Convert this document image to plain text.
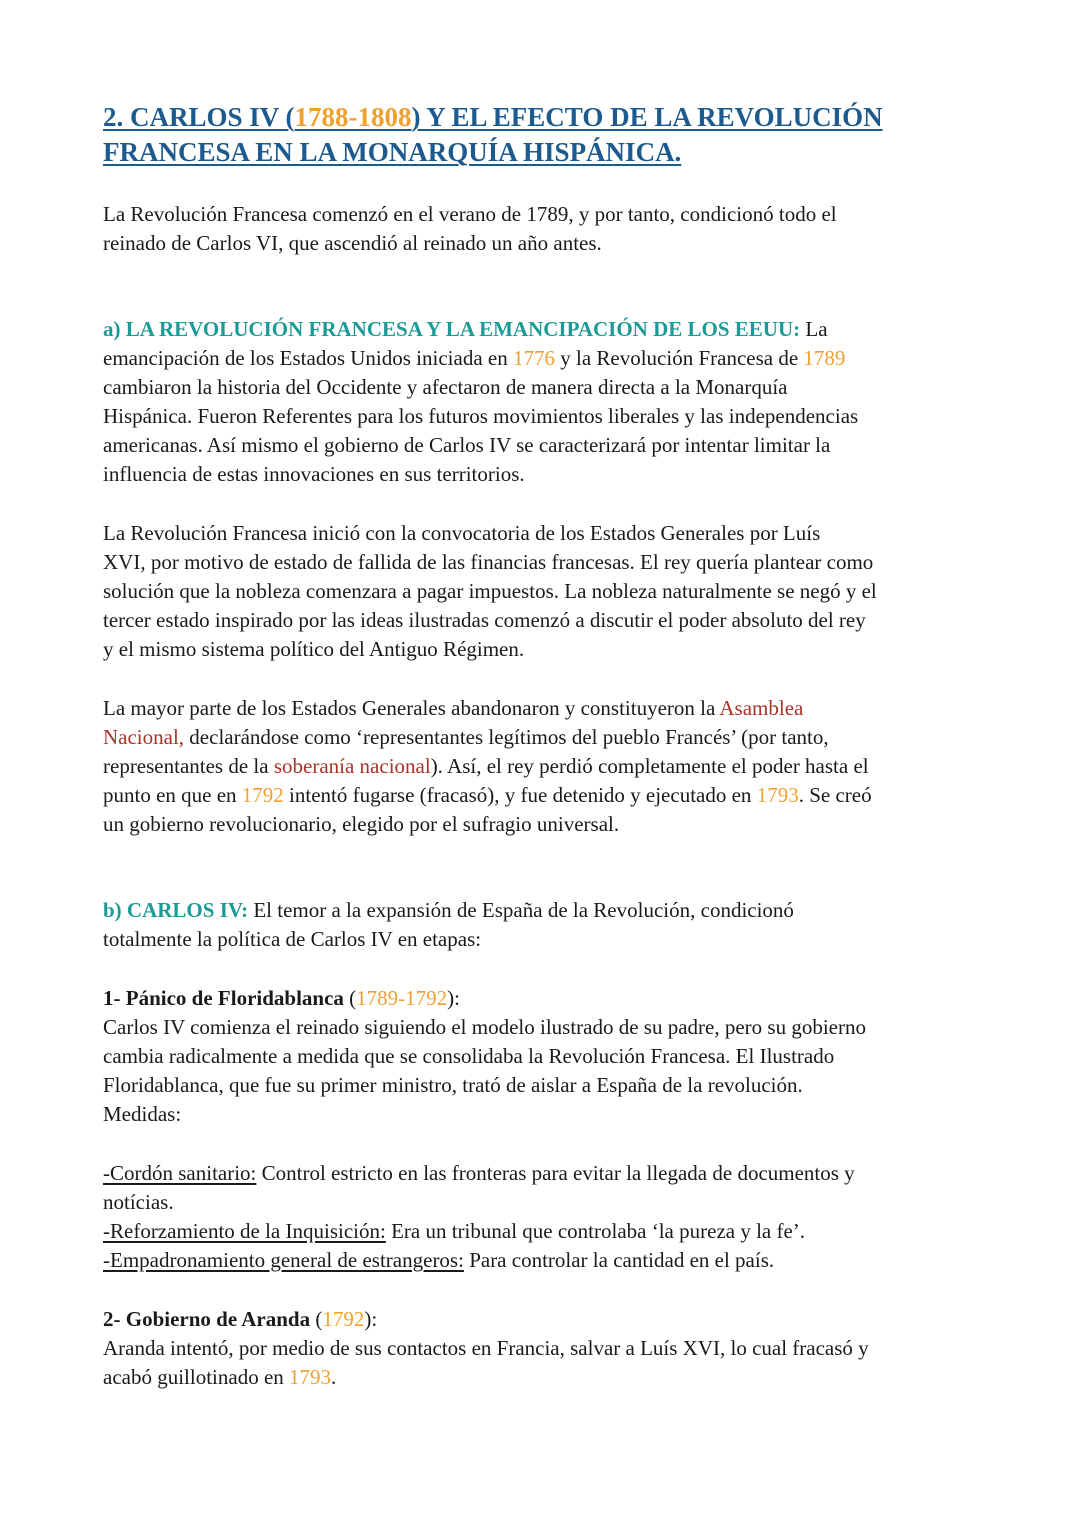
2. CARLOS IV (1788-1808) Y EL EFECTO DE LA REVOLUCIÓN
FRANCESA EN LA MONARQUÍA HISPÁNICA.

La Revolución Francesa comenzó en el verano de 1789, y por tanto, condicionó todo el
reinado de Carlos VI, que ascendió al reinado un año antes.

a) LA REVOLUCIÓN FRANCESA Y LA EMANCIPACIÓN DE LOS EEUU: La
emancipación de los Estados Unidos iniciada en 1776 y la Revolución Francesa de 1789
cambiaron la historia del Occidente y afectaron de manera directa a la Monarquía
Hispánica. Fueron Referentes para los futuros movimientos liberales y las independencias
americanas. Así mismo el gobierno de Carlos IV se caracterizará por intentar limitar la
influencia de estas innovaciones en sus territorios.

La Revolución Francesa inició con la convocatoria de los Estados Generales por Luís
XVI, por motivo de estado de fallida de las financias francesas. El rey quería plantear como
solución que la nobleza comenzara a pagar impuestos. La nobleza naturalmente se negó y el
tercer estado inspirado por las ideas ilustradas comenzó a discutir el poder absoluto del rey
y el mismo sistema político del Antiguo Régimen.

La mayor parte de los Estados Generales abandonaron y constituyeron la Asamblea
Nacional, declarándose como ‘representantes legítimos del pueblo Francés’ (por tanto,
representantes de la soberanía nacional). Así, el rey perdió completamente el poder hasta el
punto en que en 1792 intentó fugarse (fracasó), y fue detenido y ejecutado en 1793. Se creó
un gobierno revolucionario, elegido por el sufragio universal.

b) CARLOS IV: El temor a la expansión de España de la Revolución, condicionó
totalmente la política de Carlos IV en etapas:

1- Pánico de Floridablanca (1789-1792):
Carlos IV comienza el reinado siguiendo el modelo ilustrado de su padre, pero su gobierno
cambia radicalmente a medida que se consolidaba la Revolución Francesa. El Ilustrado
Floridablanca, que fue su primer ministro, trató de aislar a España de la revolución.
Medidas:

-Cordón sanitario: Control estricto en las fronteras para evitar la llegada de documentos y
notícias.
-Reforzamiento de la Inquisición: Era un tribunal que controlaba ‘la pureza y la fe’.
-Empadronamiento general de estrangeros: Para controlar la cantidad en el país.

2- Gobierno de Aranda (1792):
Aranda intentó, por medio de sus contactos en Francia, salvar a Luís XVI, lo cual fracasó y
acabó guillotinado en 1793.
